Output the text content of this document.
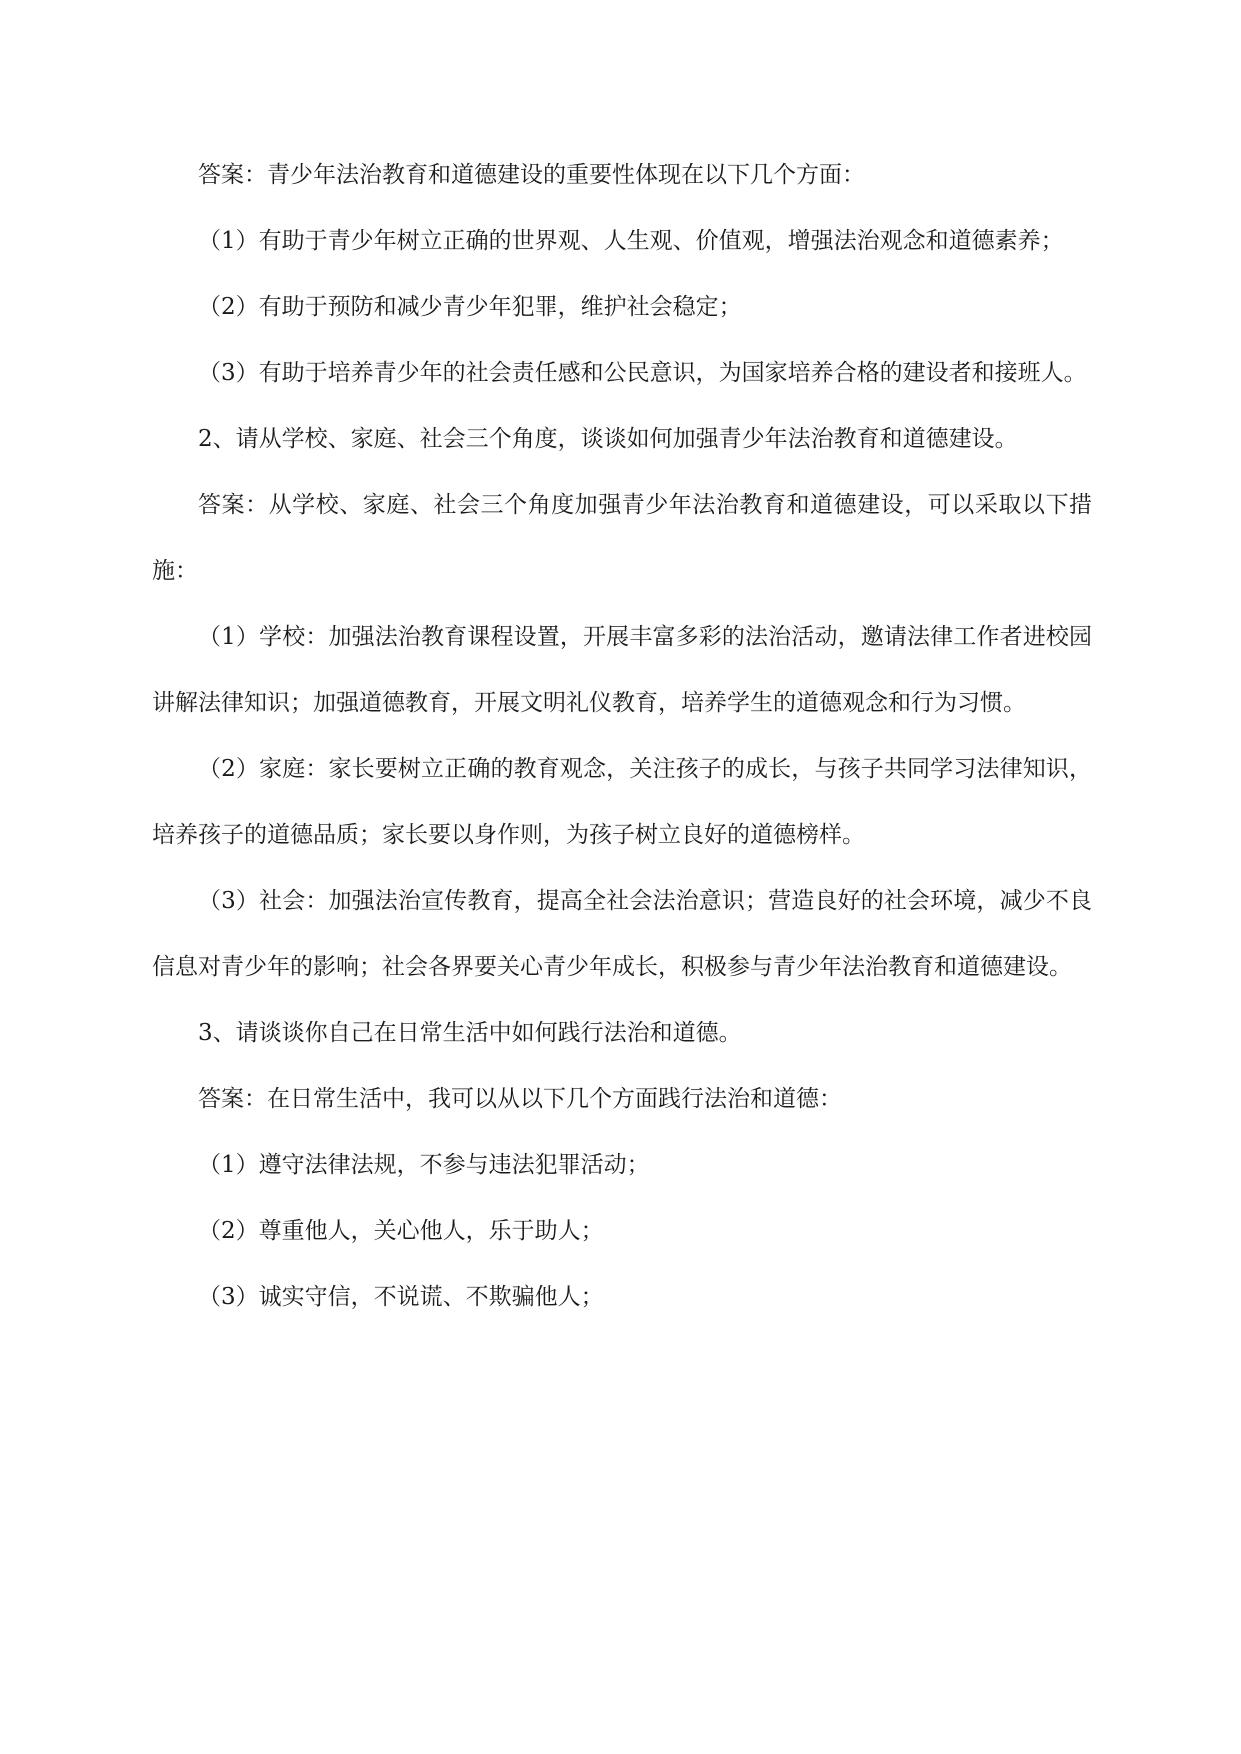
答案：青少年法治教育和道德建设的重要性体现在以下几个方面：

（1）有助于青少年树立正确的世界观、人生观、价值观，增强法治观念和道德素养；

（2）有助于预防和减少青少年犯罪，维护社会稳定；

（3）有助于培养青少年的社会责任感和公民意识，为国家培养合格的建设者和接班人。

2、请从学校、家庭、社会三个角度，谈谈如何加强青少年法治教育和道德建设。

答案：从学校、家庭、社会三个角度加强青少年法治教育和道德建设，可以采取以下措施：

（1）学校：加强法治教育课程设置，开展丰富多彩的法治活动，邀请法律工作者进校园讲解法律知识；加强道德教育，开展文明礼仪教育，培养学生的道德观念和行为习惯。

（2）家庭：家长要树立正确的教育观念，关注孩子的成长，与孩子共同学习法律知识，培养孩子的道德品质；家长要以身作则，为孩子树立良好的道德榜样。

（3）社会：加强法治宣传教育，提高全社会法治意识；营造良好的社会环境，减少不良信息对青少年的影响；社会各界要关心青少年成长，积极参与青少年法治教育和道德建设。

3、请谈谈你自己在日常生活中如何践行法治和道德。

答案：在日常生活中，我可以从以下几个方面践行法治和道德：

（1）遵守法律法规，不参与违法犯罪活动；

（2）尊重他人，关心他人，乐于助人；

（3）诚实守信，不说谎、不欺骗他人；
